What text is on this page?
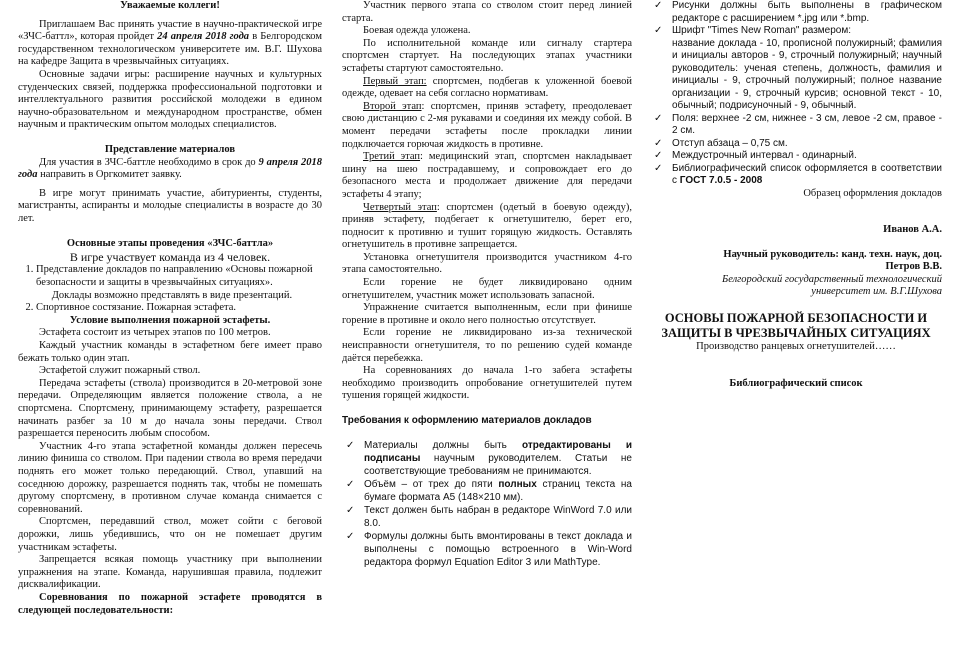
Уважаемые коллеги!

Приглашаем Вас принять участие в научно-практической игре «ЗЧС-баттл», которая пройдет 24 апреля 2018 года в Белгородском государственном технологическом университете им. В.Г. Шухова на кафедре Защита в чрезвычайных ситуациях.

Основные задачи игры: расширение научных и культурных студенческих связей, поддержка профессиональной подготовки и интеллектуального развития российской молодежи в едином научно-образовательном и международном пространстве, обмен научным и практическим опытом молодых специалистов.

Представление материалов

Для участия в ЗЧС-баттле необходимо в срок до 9 апреля 2018 года направить в Оргкомитет заявку.

В игре могут принимать участие, абитуриенты, студенты, магистранты, аспиранты и молодые специалисты в возрасте до 30 лет.

Основные этапы проведения «ЗЧС-баттла»

В игре участвует команда из 4 человек.

1. Представление докладов по направлению «Основы пожарной безопасности и защиты в чрезвычайных ситуациях».
Доклады возможно представлять в виде презентаций.
2. Спортивное состязание. Пожарная эстафета.
Условие выполнения пожарной эстафеты.

Эстафета состоит из четырех этапов по 100 метров.

Каждый участник команды в эстафетном беге имеет право бежать только один этап.

Эстафетой служит пожарный ствол.

Передача эстафеты (ствола) производится в 20-метровой зоне передачи. Определяющим является положение ствола, а не спортсмена. Спортсмену, принимающему эстафету, разрешается начинать разбег за 10 м до начала зоны передачи. Ствол разрешается переносить любым способом.

Участник 4-го этапа эстафетной команды должен пересечь линию финиша со стволом. При падении ствола во время передачи поднять его может только передающий. Ствол, упавший на соседнюю дорожку, разрешается поднять так, чтобы не помешать другому спортсмену, в противном случае команда снимается с соревнований.

Спортсмен, передавший ствол, может сойти с беговой дорожки, лишь убедившись, что он не помешает другим участникам эстафеты.

Запрещается всякая помощь участнику при выполнении упражнения на этапе. Команда, нарушившая правила, подлежит дисквалификации.

Соревнования по пожарной эстафете проводятся в следующей последовательности:

Участник первого этапа со стволом стоит перед линией старта.

Боевая одежда уложена.

По исполнительной команде или сигналу стартера спортсмен стартует. На последующих этапах участники эстафеты стартуют самостоятельно.

Первый этап: спортсмен, подбегав к уложенной боевой одежде, одевает на себя согласно нормативам.

Второй этап: спортсмен, приняв эстафету, преодолевает свою дистанцию с 2-мя рукавами и соединяя их между собой. В момент передачи эстафеты после прокладки линии подключается горючая жидкость в противне.

Третий этап: медицинский этап, спортсмен накладывает шину на шею пострадавшему, и сопровождает его до безопасного места и продолжает движение для передачи эстафеты 4 этапу;

Четвертый этап: спортсмен (одетый в боевую одежду), приняв эстафету, подбегает к огнетушителю, берет его, подносит к противню и тушит горящую жидкость. Оставлять огнетушитель в противне запрещается.

Установка огнетушителя производится участником 4-го этапа самостоятельно.

Если горение не будет ликвидировано одним огнетушителем, участник может использовать запасной.

Упражнение считается выполненным, если при финише горение в противне и около него полностью отсутствует.

Если горение не ликвидировано из-за технической неисправности огнетушителя, то по решению судей команде даётся перебежка.

На соревнованиях до начала 1-го забега эстафеты необходимо производить опробование огнетушителей путем тушения горящей жидкости.

Требования к оформлению материалов докладов
✓ Материалы должны быть отредактированы и подписаны научным руководителем. Статьи не соответствующие требованиям не принимаются.
✓ Объём – от трех до пяти полных страниц текста на бумаге формата А5 (148×210 мм).
✓ Текст должен быть набран в редакторе WinWord 7.0 или 8.0.
✓ Формулы должны быть вмонтированы в текст доклада и выполнены с помощью встроенного в Win-Word редактора формул Equation Editor 3 или MathType.
✓ Рисунки должны быть выполнены в графическом редакторе с расширением *.jpg или *.bmp.
✓ Шрифт "Times New Roman" размером:
название доклада - 10, прописной полужирный; фамилия и инициалы авторов - 9, строчный полужирный; научный руководитель: ученая степень, должность, фамилия и инициалы - 9, строчный полужирный; полное название организации - 9, строчный курсив; основной текст - 10, обычный; подрисуночный - 9, обычный.
✓ Поля: верхнее -2 см, нижнее - 3 см, левое -2 см, правое - 2 см.
✓ Отступ абзаца – 0,75 см.
✓ Междустрочный интервал - одинарный.
✓ Библиографический список оформляется в соответствии с ГОСТ 7.0.5 - 2008

Образец оформления докладов

Иванов А.А.

Научный руководитель: канд. техн. наук, доц.

Петров В.В.

Белгородский государственный технологический университет им. В.Г.Шухова

ОСНОВЫ ПОЖАРНОЙ БЕЗОПАСНОСТИ И ЗАЩИТЫ В ЧРЕЗВЫЧАЙНЫХ СИТУАЦИЯХ

Производство ранцевых огнетушителей……

Библиографический список
